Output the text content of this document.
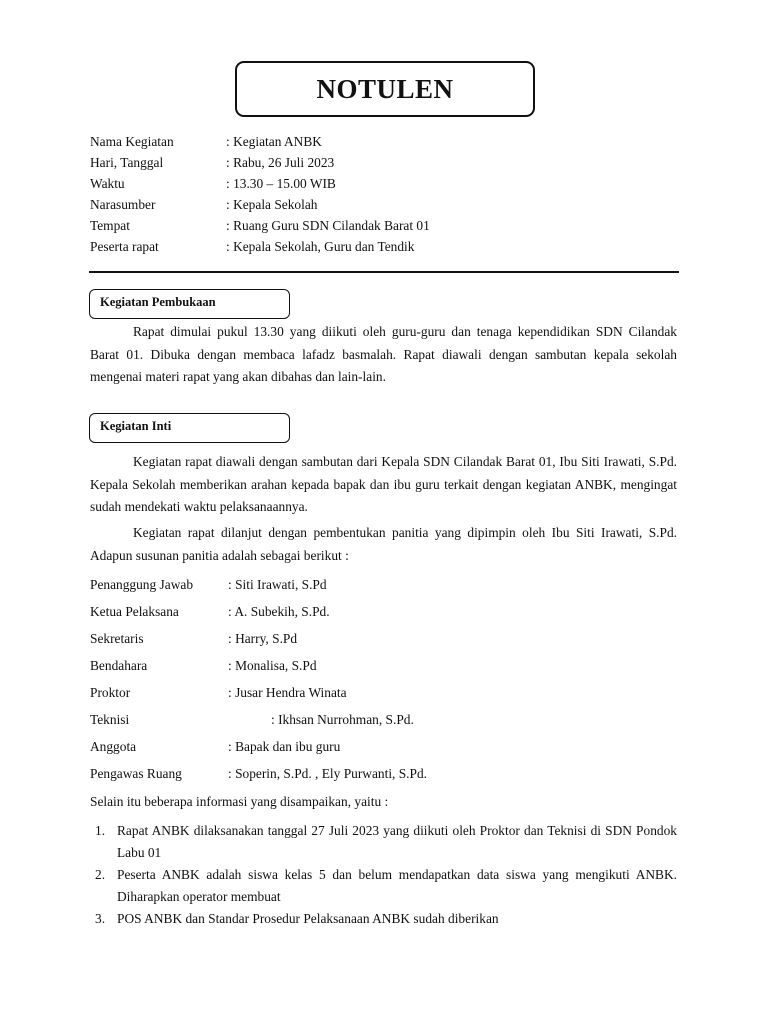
NOTULEN
Nama Kegiatan	: Kegiatan ANBK
Hari, Tanggal	: Rabu, 26 Juli 2023
Waktu	: 13.30 – 15.00 WIB
Narasumber	: Kepala Sekolah
Tempat	: Ruang Guru SDN Cilandak Barat 01
Peserta rapat	: Kepala Sekolah, Guru dan Tendik
Kegiatan Pembukaan

Rapat dimulai pukul 13.30 yang diikuti oleh guru-guru dan tenaga kependidikan SDN Cilandak Barat 01. Dibuka dengan membaca lafadz basmalah. Rapat diawali dengan sambutan kepala sekolah mengenai materi rapat yang akan dibahas dan lain-lain.

Kegiatan Inti

Kegiatan rapat diawali dengan sambutan dari Kepala SDN Cilandak Barat 01, Ibu Siti Irawati, S.Pd. Kepala Sekolah memberikan arahan kepada bapak dan ibu guru terkait dengan kegiatan ANBK, mengingat sudah mendekati waktu pelaksanaannya.

Kegiatan rapat dilanjut dengan pembentukan panitia yang dipimpin oleh Ibu Siti Irawati, S.Pd. Adapun susunan panitia adalah sebagai berikut :

Penanggung Jawab	: Siti Irawati, S.Pd
Ketua Pelaksana	: A. Subekih, S.Pd.
Sekretaris	: Harry, S.Pd
Bendahara	: Monalisa, S.Pd
Proktor	: Jusar Hendra Winata
Teknisi	: Ikhsan Nurrohman, S.Pd.
Anggota	: Bapak dan ibu guru
Pengawas Ruang	: Soperin, S.Pd. , Ely Purwanti, S.Pd.
Selain itu beberapa informasi yang disampaikan, yaitu :
1. Rapat ANBK dilaksanakan tanggal 27 Juli 2023 yang diikuti oleh Proktor dan Teknisi di SDN Pondok Labu 01
2. Peserta ANBK adalah siswa kelas 5 dan belum mendapatkan data siswa yang mengikuti ANBK. Diharapkan operator membuat
3. POS ANBK dan Standar Prosedur Pelaksanaan ANBK sudah diberikan
